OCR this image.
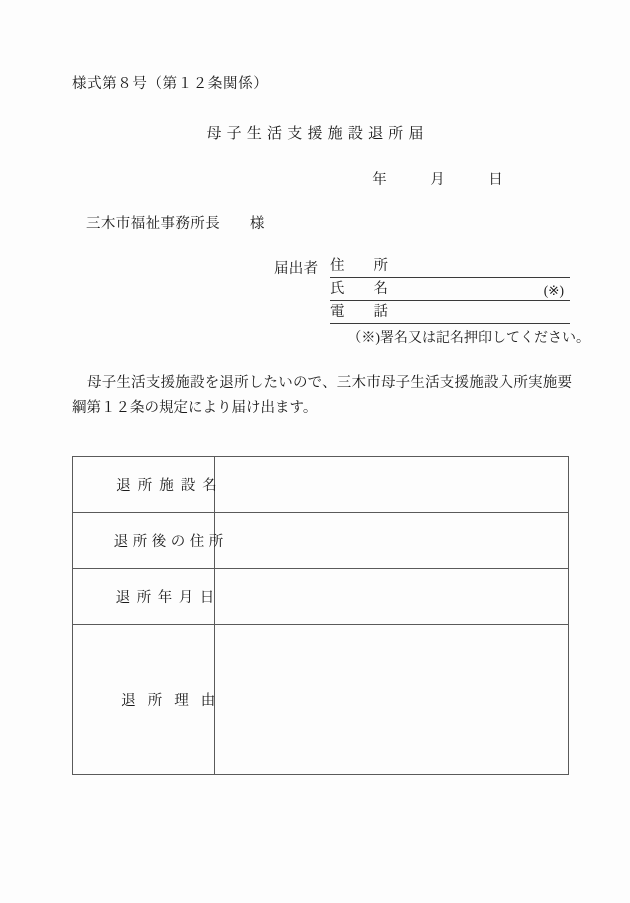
様式第８号（第１２条関係）
母子生活支援施設退所届
年　　　月　　　日
三木市福祉事務所長　　様
届出者 住　　所
氏　　名	(※)
電　　話
（※)署名又は記名押印してください。
母子生活支援施設を退所したいので、三木市母子生活支援施設入所実施要綱第１２条の規定により届け出ます。

退所施設名

退所後の住所

退所年月日

退所理由
